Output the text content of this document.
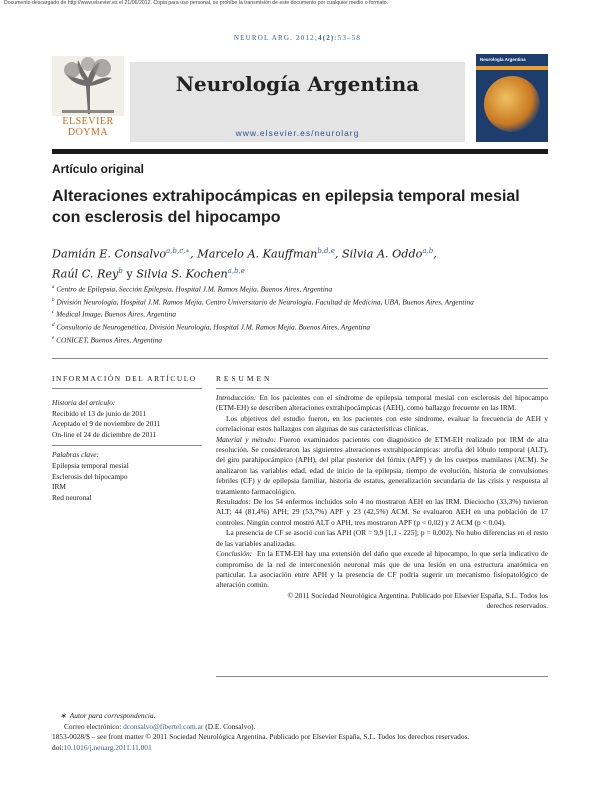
Documento descargado de http://www.elsevier.es el 21/06/2012. Copia para uso personal, se prohíbe la transmisión de este documento por cualquier medio o formato.
NEUROL ARG. 2012;4(2):53–58
ELSEVIER
DOYMA
Neurología Argentina
www.elsevier.es/neurolarg
Neurología Argentina
Artículo original
Alteraciones extrahipocámpicas en epilepsia temporal mesial con esclerosis del hipocampo
Damián E. Consalvo$^{a,b,c,∗}$, Marcelo A. Kauffman$^{b,d,e}$, Silvia A. Oddo$^{a,b}$,
Raúl C. Rey$^b$ y Silvia S. Kochen$^{a,b,e}$
$^a$ Centro de Epilepsia, Sección Epilepsia, Hospital J.M. Ramos Mejía, Buenos Aires, Argentina
$^b$ División Neurología, Hospital J.M. Ramos Mejía, Centro Universitario de Neurología, Facultad de Medicina, UBA, Buenos Aires, Argentina
$^c$ Medical Image, Buenos Aires, Argentina
$^d$ Consultorio de Neurogenética, División Neurología, Hospital J.M. Ramos Mejía. Buenos Aires, Argentina
$^e$ CONICET, Buenos Aires, Argentina
INFORMACIÓN DEL ARTÍCULO	RESUMEN
Historia del artículo:
Recibido el 13 de junio de 2011
Aceptado el 9 de noviembre de 2011
On-line el 24 de diciembre de 2011
Palabras clave:
Epilepsia temporal mesial
Esclerosis del hipocampo
IRM
Red neuronal

Introducción: En los pacientes con el síndrome de epilepsia temporal mesial con esclerosis del hipocampo (ETM-EH) se describen alteraciones extrahipocámpicas (AEH), como hallazgo frecuente en las IRM.

Los objetivos del estudio fueron, en los pacientes con este síndrome, evaluar la frecuencia de AEH y correlacionar estos hallazgos con algunas de sus características clínicas.

Material y método: Fueron examinados pacientes con diagnóstico de ETM-EH realizado por IRM de alta resolución. Se consideraron las siguientes alteraciones extrahipocámpicas: atrofia del lóbulo temporal (ALT), del giro parahipocámpico (APH), del pilar posterior del fórnix (APF) y de los cuerpos mamilares (ACM). Se analizaron las variables edad, edad de inicio de la epilepsia, tiempo de evolución, historia de convulsiones febriles (CF) y de epilepsia familiar, historia de estatus, generalización secundaria de las crisis y respuesta al tratamiento farmacológico.

Resultados: De los 54 enfermos incluidos solo 4 no mostraron AEH en las IRM. Dieciocho (33,3%) tuvieron ALT; 44 (81,4%) APH; 29 (53,7%) APF y 23 (42,5%) ACM. Se evaluaron AEH en una población de 17 controles. Ningún control mostró ALT o APH, tres mostraron APF (p < 0,02) y 2 ACM (p < 0,04).

La presencia de CF se asoció con las APH (OR = 9,9 [1,1 - 225]; p = 0,002). No hubo diferencias en el resto de las variables analizadas.

Conclusión:  En la ETM-EH hay una extensión del daño que excede al hipocampo, lo que sería indicativo de compromiso de la red de interconexión neuronal más que de una lesión en una estructura anatómica en particular. La asociación entre APH y la presencia de CF podría sugerir un mecanismo fisiopatológico de alteración común.

© 2011 Sociedad Neurológica Argentina. Publicado por Elsevier España, S.L. Todos los
derechos reservados.

∗  Autor para correspondencia.
Correo electrónico: dconsalvo@fibertel.com.ar (D.E. Consalvo).
1853-0028/$ – see front matter © 2011 Sociedad Neurológica Argentina. Publicado por Elsevier España, S.L. Todos los derechos reservados.
doi:10.1016/j.neuarg.2011.11.001
